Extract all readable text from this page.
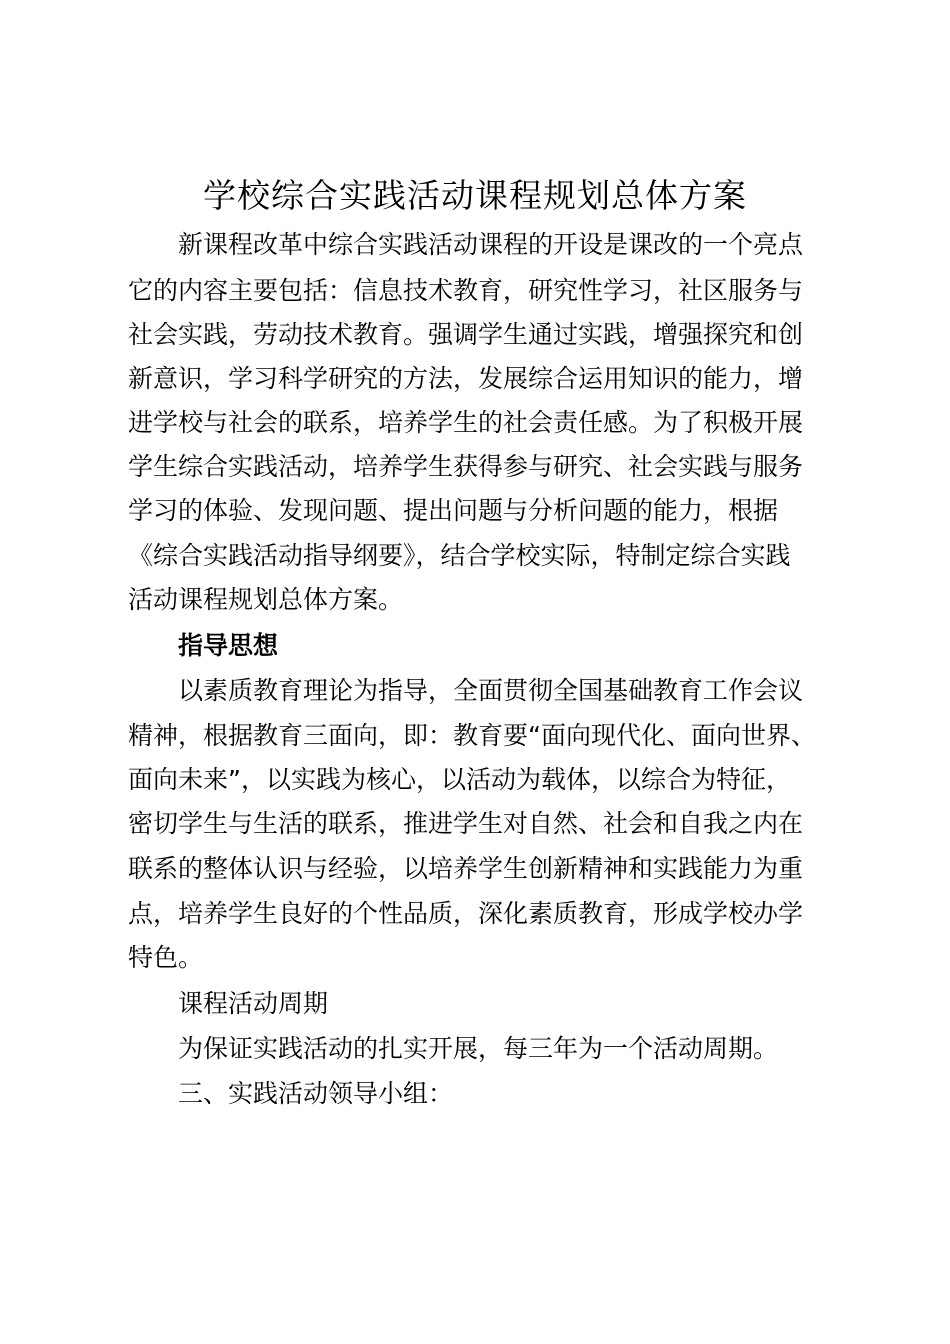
学校综合实践活动课程规划总体方案

新课程改革中综合实践活动课程的开设是课改的一个亮点

它的内容主要包括：信息技术教育，研究性学习，社区服务与

社会实践，劳动技术教育。强调学生通过实践，增强探究和创

新意识，学习科学研究的方法，发展综合运用知识的能力，增

进学校与社会的联系，培养学生的社会责任感。为了积极开展

学生综合实践活动，培养学生获得参与研究、社会实践与服务

学习的体验、发现问题、提出问题与分析问题的能力，根据

《综合实践活动指导纲要》，结合学校实际，特制定综合实践

活动课程规划总体方案。

指导思想

以素质教育理论为指导，全面贯彻全国基础教育工作会议

精神，根据教育三面向，即：教育要“面向现代化、面向世界、

面向未来”，以实践为核心，以活动为载体，以综合为特征，

密切学生与生活的联系，推进学生对自然、社会和自我之内在

联系的整体认识与经验，以培养学生创新精神和实践能力为重

点，培养学生良好的个性品质，深化素质教育，形成学校办学

特色。

课程活动周期

为保证实践活动的扎实开展，每三年为一个活动周期。

三、实践活动领导小组：
